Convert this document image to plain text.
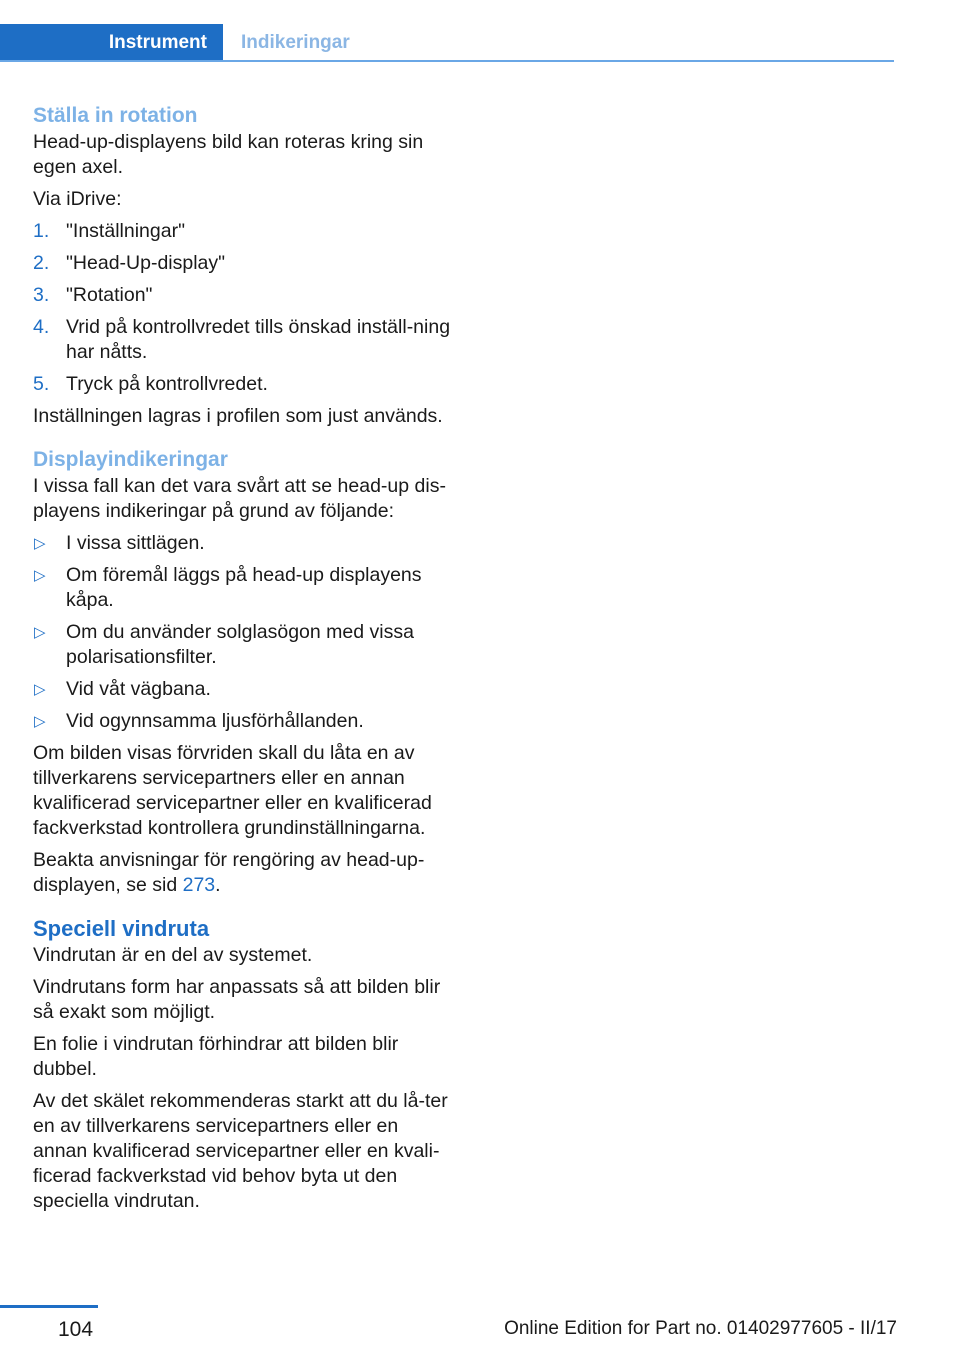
Instrument Indikeringar
Ställa in rotation

Head-up-displayens bild kan roteras kring sin egen axel.

Via iDrive:

1. "Inställningar"
2. "Head-Up-display"
3. "Rotation"
4. Vrid på kontrollvredet tills önskad inställ-ning har nåtts.
5. Tryck på kontrollvredet.

Inställningen lagras i profilen som just används.

Displayindikeringar

I vissa fall kan det vara svårt att se head-up dis-playens indikeringar på grund av följande:

▷ I vissa sittlägen.
▷ Om föremål läggs på head-up displayens kåpa.
▷ Om du använder solglasögon med vissa polarisationsfilter.
▷ Vid våt vägbana.
▷ Vid ogynnsamma ljusförhållanden.

Om bilden visas förvriden skall du låta en av tillverkarens servicepartners eller en annan kvalificerad servicepartner eller en kvalificerad fackverkstad kontrollera grundinställningarna.

Beakta anvisningar för rengöring av head-up-displayen, se sid 273.

Speciell vindruta

Vindrutan är en del av systemet.

Vindrutans form har anpassats så att bilden blir så exakt som möjligt.

En folie i vindrutan förhindrar att bilden blir dubbel.

Av det skälet rekommenderas starkt att du lå-ter en av tillverkarens servicepartners eller en annan kvalificerad servicepartner eller en kvali-ficerad fackverkstad vid behov byta ut den speciella vindrutan.

104	Online Edition for Part no. 01402977605 - II/17
